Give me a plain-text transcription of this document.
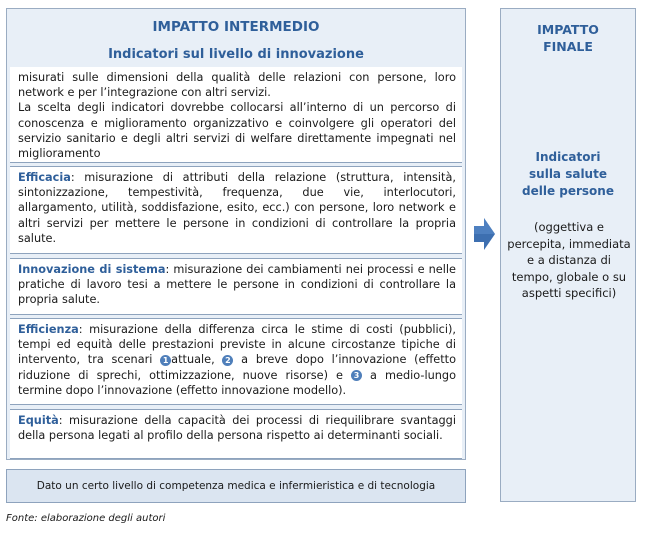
IMPATTO INTERMEDIO
Indicatori sul livello di innovazione

misurati sulle dimensioni della qualità delle relazioni con persone, loro network e per l’integrazione con altri servizi.

La scelta degli indicatori dovrebbe collocarsi all’interno di un percorso di conoscenza e miglioramento organizzativo e coinvolgere gli operatori del servizio sanitario e degli altri servizi di welfare direttamente impegnati nel miglioramento

Efficacia: misurazione di attributi della relazione (struttura, intensità, sintonizzazione, tempestività, frequenza, due vie, interlocutori, allargamento, utilità, soddisfazione, esito, ecc.) con persone, loro network e altri servizi per mettere le persone in condizioni di controllare la propria salute.
Innovazione di sistema: misurazione dei cambiamenti nei processi e nelle pratiche di lavoro tesi a mettere le persone in condizioni di controllare la propria salute.
Efficienza: misurazione della differenza circa le stime di costi (pubblici), tempi ed equità delle prestazioni previste in alcune circostanze tipiche di intervento, tra scenari 1 attuale, 2 a breve dopo l’innovazione (effetto riduzione di sprechi, ottimizzazione, nuove risorse) e 3 a medio-lungo termine dopo l’innovazione (effetto innovazione modello).
Equità: misurazione della capacità dei processi di riequilibrare svantaggi della persona legati al profilo della persona rispetto ai determinanti sociali.
Dato un certo livello di competenza medica e infermieristica e di tecnologia
IMPATTO
FINALE
Indicatori
sulla salute
delle persone
(oggettiva e percepita, immediata e a distanza di tempo, globale o su aspetti specifici)
Fonte: elaborazione degli autori
